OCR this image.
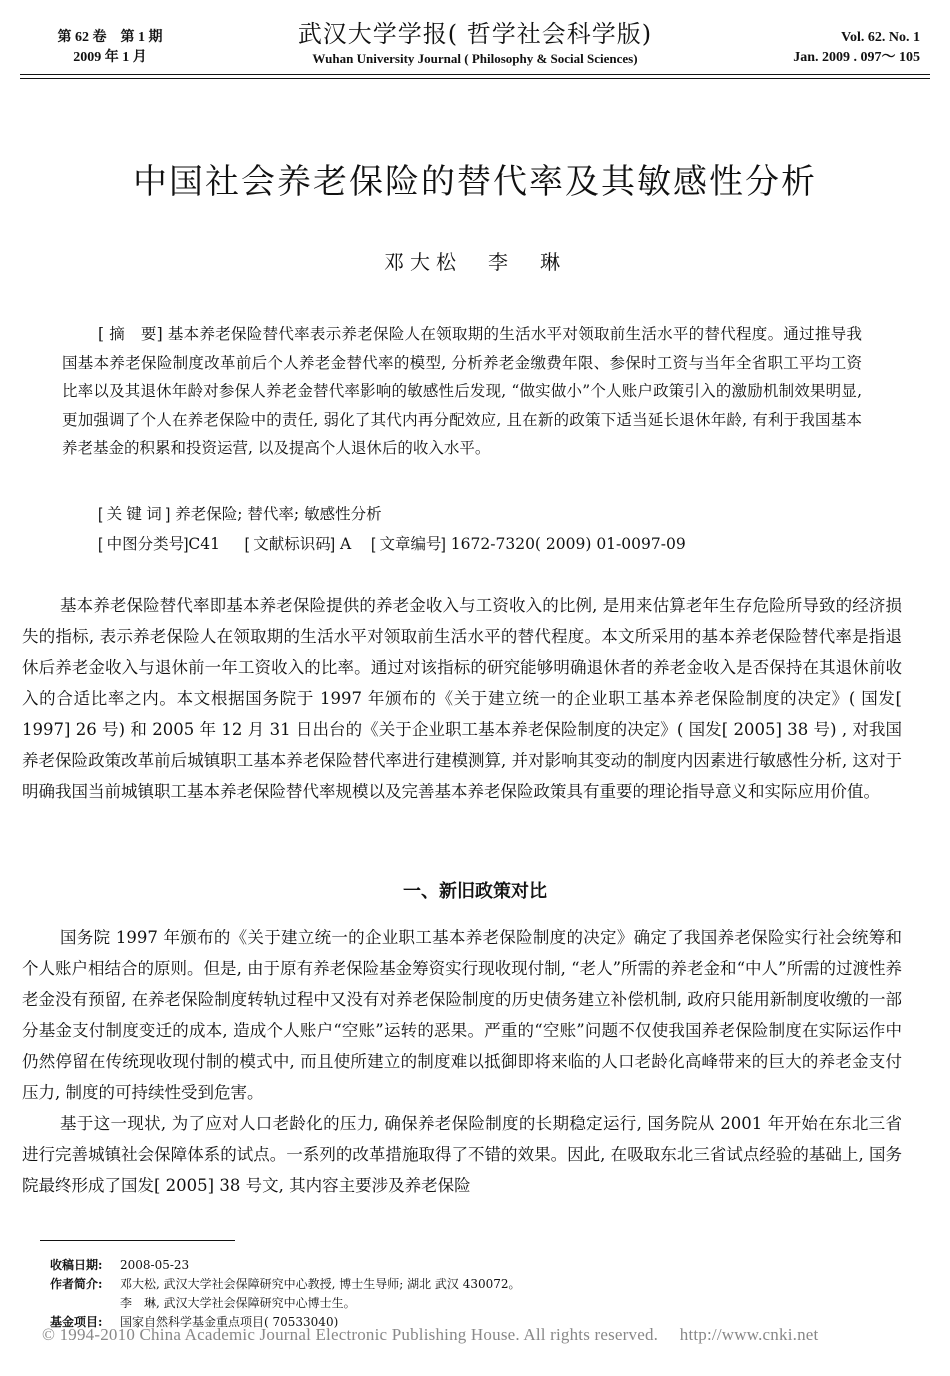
第 62 卷　第 1 期
2009 年 1 月
武汉大学学报( 哲学社会科学版)
Wuhan University Journal ( Philosophy & Social Sciences)
Vol. 62. No. 1
Jan. 2009 . 097～ 105
中国社会养老保险的替代率及其敏感性分析
邓大松　李　琳

[ 摘　要] 基本养老保险替代率表示养老保险人在领取期的生活水平对领取前生活水平的替代程度。通过推导我国基本养老保险制度改革前后个人养老金替代率的模型, 分析养老金缴费年限、参保时工资与当年全省职工平均工资比率以及其退休年龄对参保人养老金替代率影响的敏感性后发现, “做实做小”个人账户政策引入的激励机制效果明显, 更加强调了个人在养老保险中的责任, 弱化了其代内再分配效应, 且在新的政策下适当延长退休年龄, 有利于我国基本养老基金的积累和投资运营, 以及提高个人退休后的收入水平。

[ 关 键 词 ] 养老保险; 替代率; 敏感性分析
[ 中图分类号]C41 [ 文献标识码] A [ 文章编号] 1672-7320( 2009) 01-0097-09

基本养老保险替代率即基本养老保险提供的养老金收入与工资收入的比例, 是用来估算老年生存危险所导致的经济损失的指标, 表示养老保险人在领取期的生活水平对领取前生活水平的替代程度。本文所采用的基本养老保险替代率是指退休后养老金收入与退休前一年工资收入的比率。通过对该指标的研究能够明确退休者的养老金收入是否保持在其退休前收入的合适比率之内。本文根据国务院于 1997 年颁布的《关于建立统一的企业职工基本养老保险制度的决定》( 国发[ 1997] 26 号) 和 2005 年 12 月 31 日出台的《关于企业职工基本养老保险制度的决定》( 国发[ 2005] 38 号) , 对我国养老保险政策改革前后城镇职工基本养老保险替代率进行建模测算, 并对影响其变动的制度内因素进行敏感性分析, 这对于明确我国当前城镇职工基本养老保险替代率规模以及完善基本养老保险政策具有重要的理论指导意义和实际应用价值。

一、新旧政策对比

国务院 1997 年颁布的《关于建立统一的企业职工基本养老保险制度的决定》确定了我国养老保险实行社会统筹和个人账户相结合的原则。但是, 由于原有养老保险基金筹资实行现收现付制, “老人”所需的养老金和“中人”所需的过渡性养老金没有预留, 在养老保险制度转轨过程中又没有对养老保险制度的历史债务建立补偿机制, 政府只能用新制度收缴的一部分基金支付制度变迁的成本, 造成个人账户“空账”运转的恶果。严重的“空账”问题不仅使我国养老保险制度在实际运作中仍然停留在传统现收现付制的模式中, 而且使所建立的制度难以抵御即将来临的人口老龄化高峰带来的巨大的养老金支付压力, 制度的可持续性受到危害。

基于这一现状, 为了应对人口老龄化的压力, 确保养老保险制度的长期稳定运行, 国务院从 2001 年开始在东北三省进行完善城镇社会保障体系的试点。一系列的改革措施取得了不错的效果。因此, 在吸取东北三省试点经验的基础上, 国务院最终形成了国发[ 2005] 38 号文, 其内容主要涉及养老保险

收稿日期:	2008-05-23
作者简介:	邓大松, 武汉大学社会保障研究中心教授, 博士生导师; 湖北 武汉 430072。
李　琳, 武汉大学社会保障研究中心博士生。
基金项目:	国家自然科学基金重点项目( 70533040)
© 1994-2010 China Academic Journal Electronic Publishing House. All rights reserved.　 http://www.cnki.net
